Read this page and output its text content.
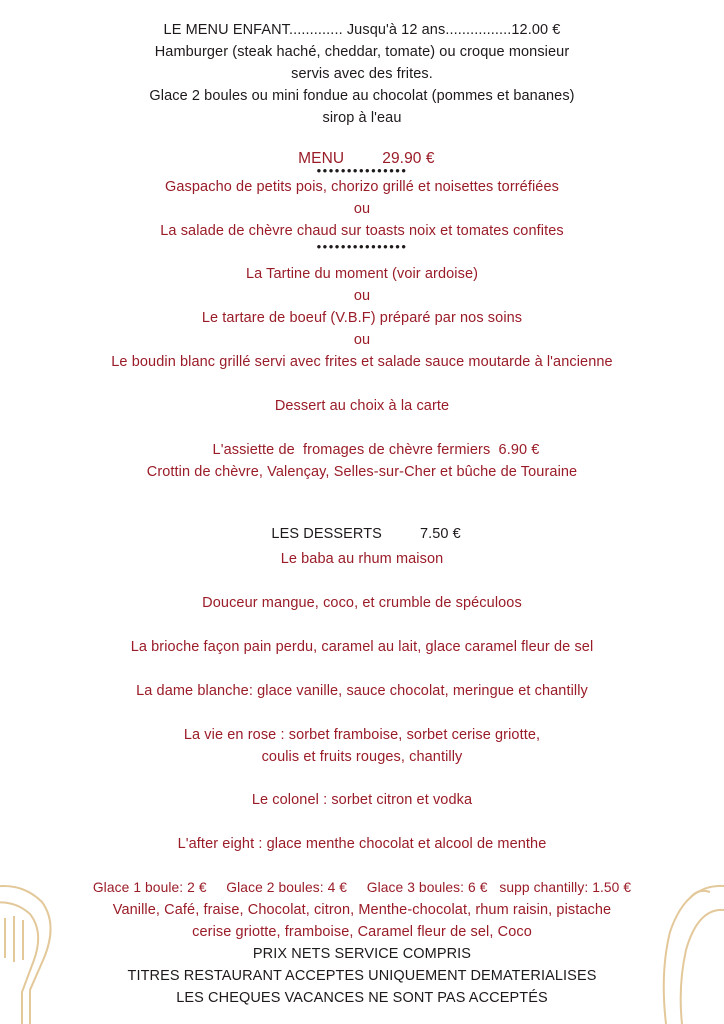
LE MENU ENFANT............. Jusqu'à 12 ans................12.00 €
Hamburger (steak haché, cheddar, tomate) ou croque monsieur
servis avec des frites.
Glace 2 boules ou mini fondue au chocolat (pommes et bananes)
sirop à l'eau

MENU 29.90 €

•••••••••••••••
Gaspacho de petits pois, chorizo grillé et noisettes torréfiées
ou
La salade de chèvre chaud sur toasts noix et tomates confites
•••••••••••••••
La Tartine du moment (voir ardoise)
ou
Le tartare de boeuf (V.B.F) préparé par nos soins
ou
Le boudin blanc grillé servi avec frites et salade sauce moutarde à l'ancienne
Dessert au choix à la carte
L'assiette de  fromages de chèvre fermiers  6.90 €
Crottin de chèvre, Valençay, Selles-sur-Cher et bûche de Touraine

LES DESSERTS	7.50 €

Le baba au rhum maison
Douceur mangue, coco, et crumble de spéculoos
La brioche façon pain perdu, caramel au lait, glace caramel fleur de sel
La dame blanche: glace vanille, sauce chocolat, meringue et chantilly
La vie en rose : sorbet framboise, sorbet cerise griotte,
coulis et fruits rouges, chantilly
Le colonel : sorbet citron et vodka
L'after eight : glace menthe chocolat et alcool de menthe
Glace 1 boule: 2 €     Glace 2 boules: 4 €     Glace 3 boules: 6 €   supp chantilly: 1.50 €
Vanille, Café, fraise, Chocolat, citron, Menthe-chocolat, rhum raisin, pistache
cerise griotte, framboise, Caramel fleur de sel, Coco
PRIX NETS SERVICE COMPRIS
TITRES RESTAURANT ACCEPTES UNIQUEMENT DEMATERIALISES
LES CHEQUES VACANCES NE SONT PAS ACCEPTÉS
